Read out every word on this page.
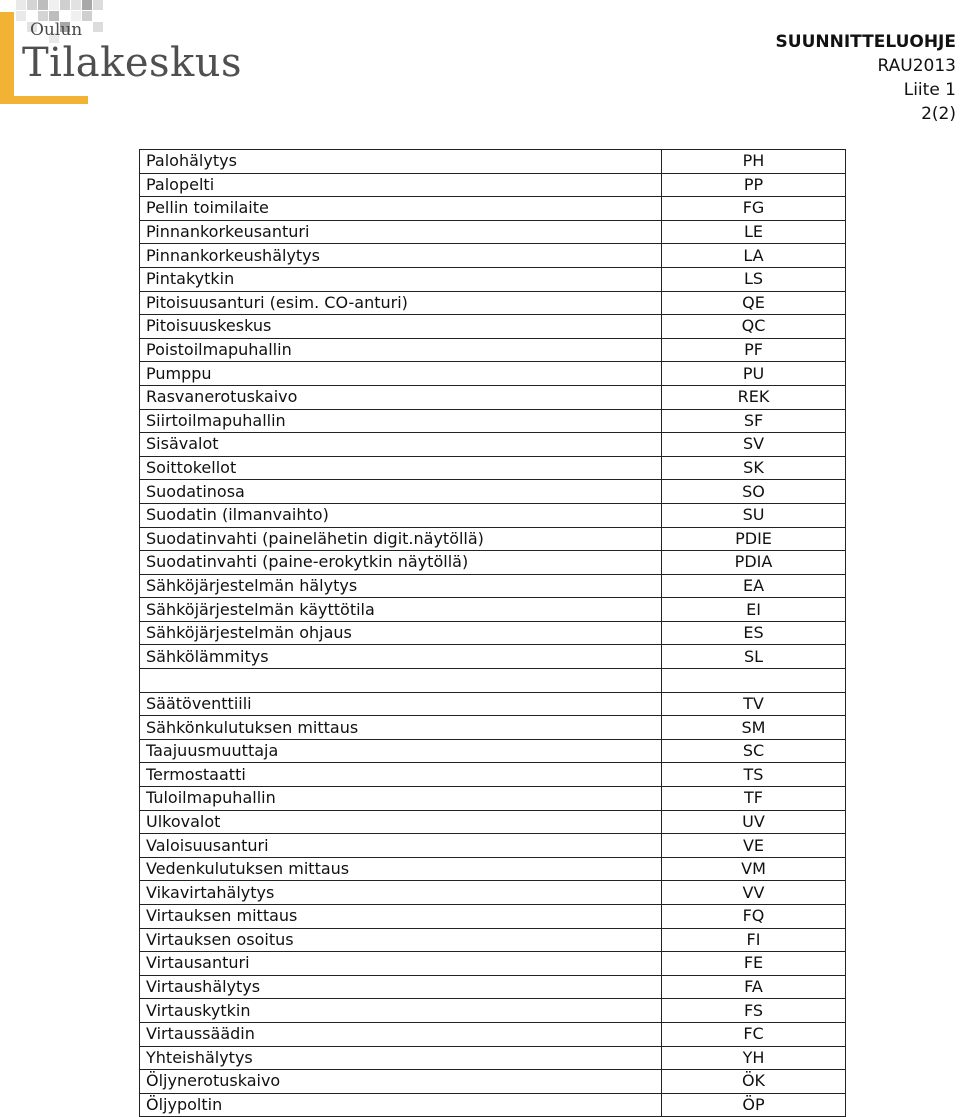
Oulun
Tilakeskus	SUUNNITTELUOHJE
RAU2013
Liite 1
2(2)
Palohälytys	PH
Palopelti	PP
Pellin toimilaite	FG
Pinnankorkeusanturi	LE
Pinnankorkeushälytys	LA
Pintakytkin	LS
Pitoisuusanturi (esim. CO-anturi)	QE
Pitoisuuskeskus	QC
Poistoilmapuhallin	PF
Pumppu	PU
Rasvanerotuskaivo	REK
Siirtoilmapuhallin	SF
Sisävalot	SV
Soittokellot	SK
Suodatinosa	SO
Suodatin (ilmanvaihto)	SU
Suodatinvahti (painelähetin digit.näytöllä)	PDIE
Suodatinvahti (paine-erokytkin näytöllä)	PDIA
Sähköjärjestelmän hälytys	EA
Sähköjärjestelmän käyttötila	EI
Sähköjärjestelmän ohjaus	ES
Sähkölämmitys	SL

Säätöventtiili	TV
Sähkönkulutuksen mittaus	SM
Taajuusmuuttaja	SC
Termostaatti	TS
Tuloilmapuhallin	TF
Ulkovalot	UV
Valoisuusanturi	VE
Vedenkulutuksen mittaus	VM
Vikavirtahälytys	VV
Virtauksen mittaus	FQ
Virtauksen osoitus	FI
Virtausanturi	FE
Virtaushälytys	FA
Virtauskytkin	FS
Virtaussäädin	FC
Yhteishälytys	YH
Öljynerotuskaivo	ÖK
Öljypoltin	ÖP
